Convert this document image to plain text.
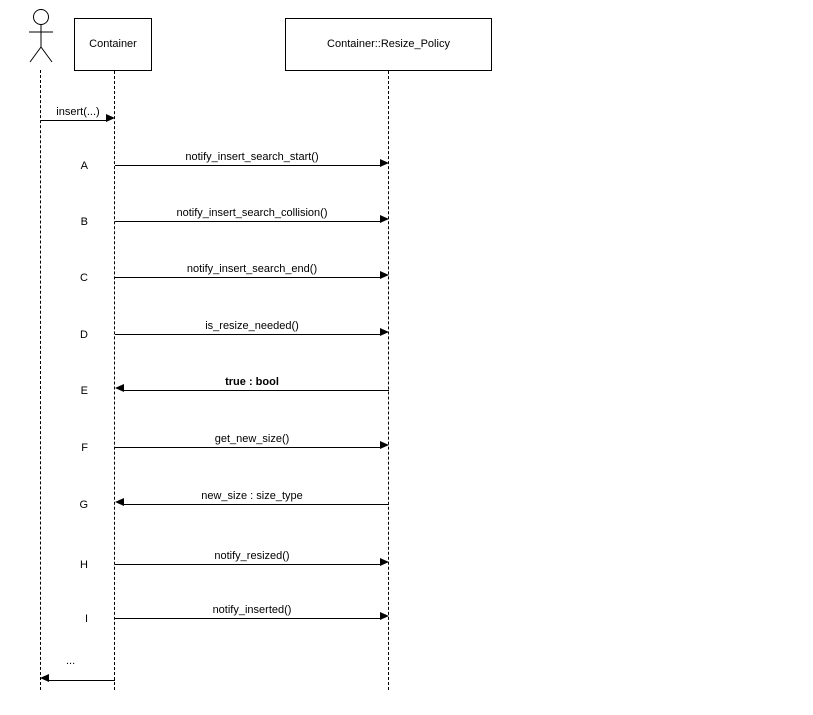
Container	Container::Resize_Policy
insert(...)
A
notify_insert_search_start()
B
notify_insert_search_collision()
C
notify_insert_search_end()
D
is_resize_needed()
E
true : bool
F
get_new_size()
G
new_size : size_type
H
notify_resized()
I
notify_inserted()
...
